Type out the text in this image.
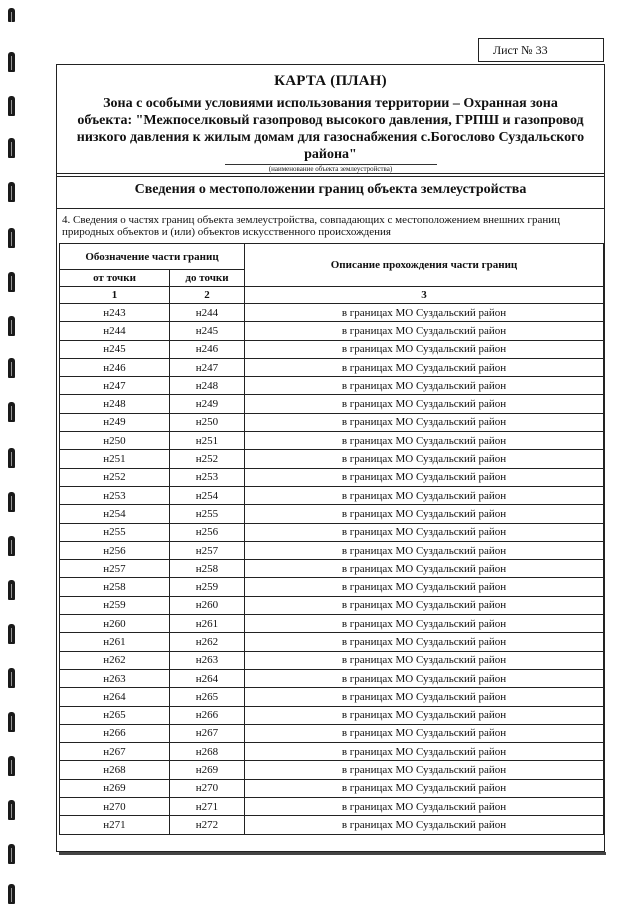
Лист № 33
КАРТА (ПЛАН)
Зона с особыми условиями использования территории – Охранная зона объекта: "Межпоселковый газопровод высокого давления, ГРПШ и газопровод низкого давления к жилым домам для газоснабжения с.Богослово Суздальского района"
(наименование объекта землеустройства)
Сведения о местоположении границ объекта землеустройства
4. Сведения о частях границ объекта землеустройства, совпадающих с местоположением внешних границ природных объектов и (или) объектов искусственного происхождения
Обозначение части границ		Описание прохождения части границ
от точки	до точки	
1	2	3
н243	н244	в границах МО Суздальский район
н244	н245	в границах МО Суздальский район
н245	н246	в границах МО Суздальский район
н246	н247	в границах МО Суздальский район
н247	н248	в границах МО Суздальский район
н248	н249	в границах МО Суздальский район
н249	н250	в границах МО Суздальский район
н250	н251	в границах МО Суздальский район
н251	н252	в границах МО Суздальский район
н252	н253	в границах МО Суздальский район
н253	н254	в границах МО Суздальский район
н254	н255	в границах МО Суздальский район
н255	н256	в границах МО Суздальский район
н256	н257	в границах МО Суздальский район
н257	н258	в границах МО Суздальский район
н258	н259	в границах МО Суздальский район
н259	н260	в границах МО Суздальский район
н260	н261	в границах МО Суздальский район
н261	н262	в границах МО Суздальский район
н262	н263	в границах МО Суздальский район
н263	н264	в границах МО Суздальский район
н264	н265	в границах МО Суздальский район
н265	н266	в границах МО Суздальский район
н266	н267	в границах МО Суздальский район
н267	н268	в границах МО Суздальский район
н268	н269	в границах МО Суздальский район
н269	н270	в границах МО Суздальский район
н270	н271	в границах МО Суздальский район
н271	н272	в границах МО Суздальский район
